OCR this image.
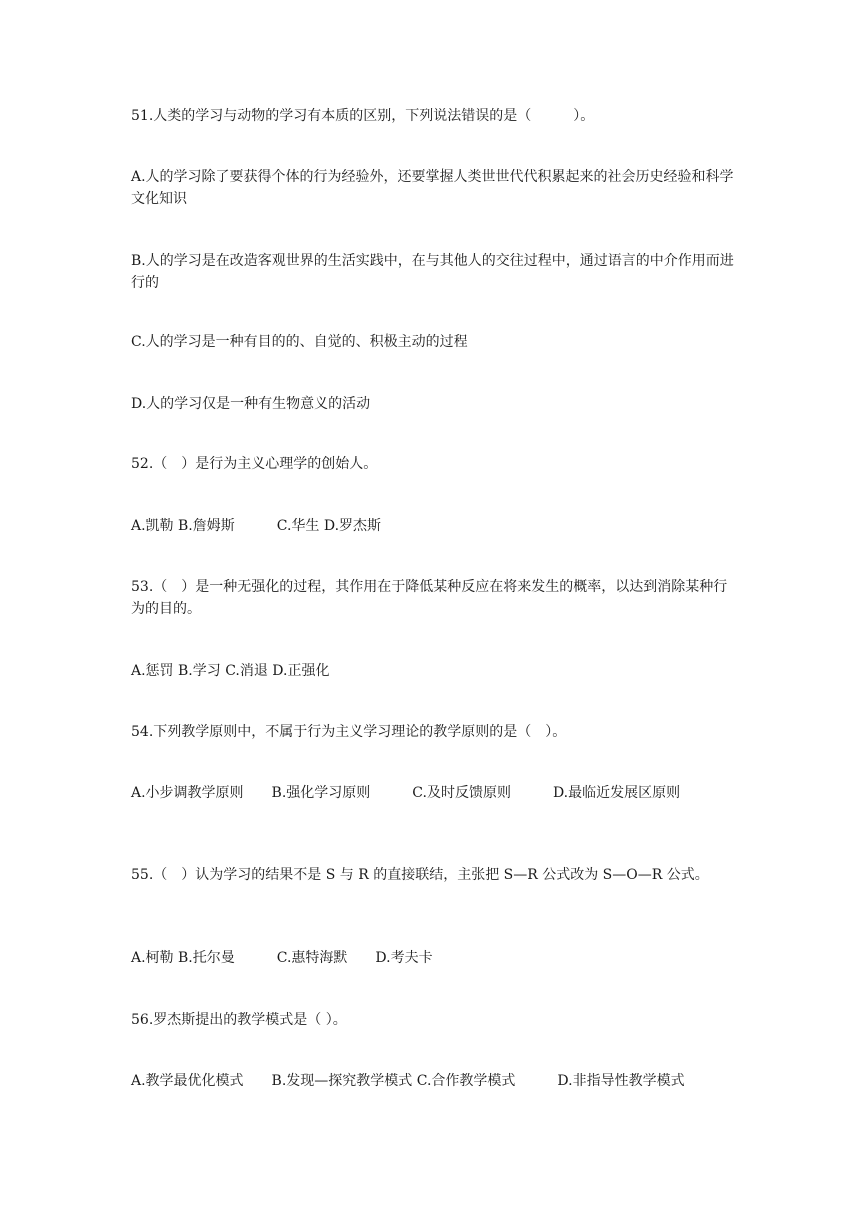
51.人类的学习与动物的学习有本质的区别，下列说法错误的是（　　　）。
A.人的学习除了要获得个体的行为经验外，还要掌握人类世世代代积累起来的社会历史经验和科学文化知识
B.人的学习是在改造客观世界的生活实践中，在与其他人的交往过程中，通过语言的中介作用而进行的
C.人的学习是一种有目的的、自觉的、积极主动的过程
D.人的学习仅是一种有生物意义的活动
52.（　）是行为主义心理学的创始人。
A.凯勒 B.詹姆斯　　　C.华生 D.罗杰斯
53.（　）是一种无强化的过程，其作用在于降低某种反应在将来发生的概率，以达到消除某种行为的目的。
A.惩罚 B.学习 C.消退 D.正强化
54.下列教学原则中，不属于行为主义学习理论的教学原则的是（　）。
A.小步调教学原则　　B.强化学习原则　　　C.及时反馈原则　　　D.最临近发展区原则
55.（　）认为学习的结果不是 S 与 R 的直接联结，主张把 S—R 公式改为 S—O—R 公式。
A.柯勒 B.托尔曼　　　C.惠特海默　　D.考夫卡
56.罗杰斯提出的教学模式是（ ）。
A.教学最优化模式　　B.发现—探究教学模式 C.合作教学模式　　　D.非指导性教学模式
